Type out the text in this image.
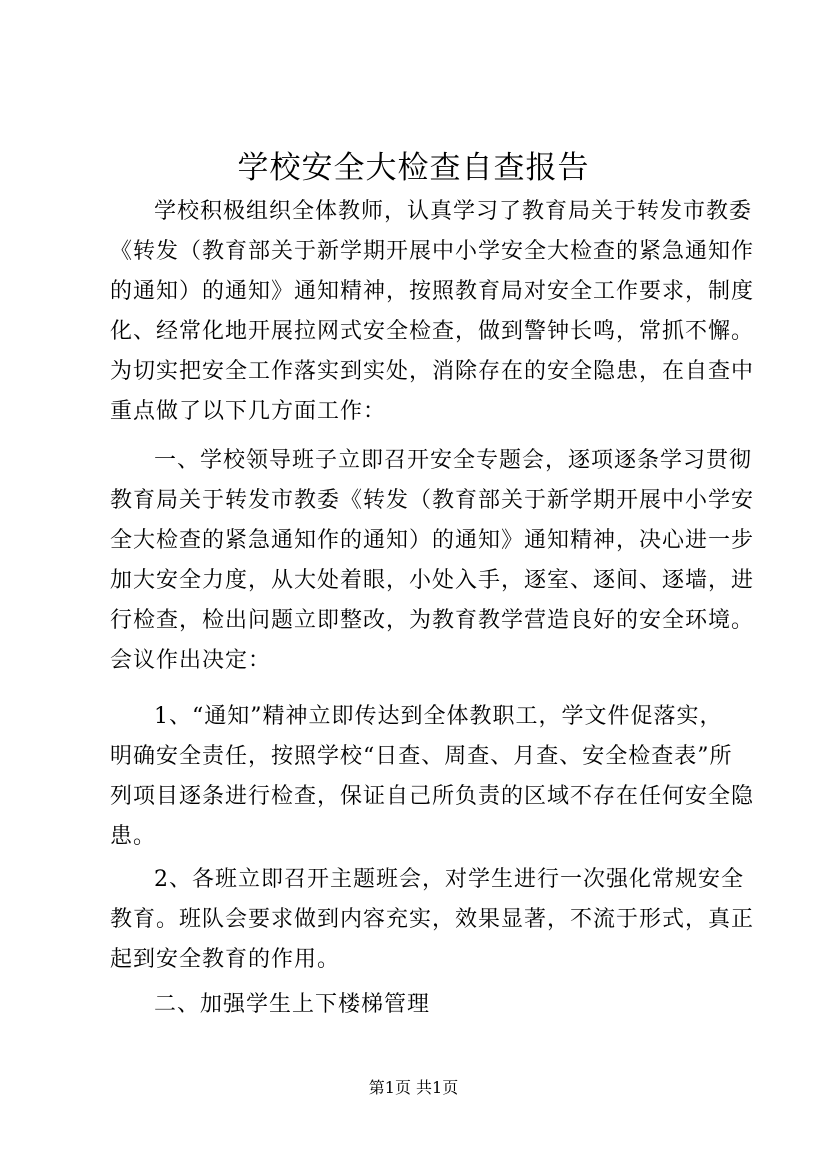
学校安全大检查自查报告
学校积极组织全体教师，认真学习了教育局关于转发市教委
《转发（教育部关于新学期开展中小学安全大检查的紧急通知作
的通知）的通知》通知精神，按照教育局对安全工作要求，制度
化、经常化地开展拉网式安全检查，做到警钟长鸣，常抓不懈。
为切实把安全工作落实到实处，消除存在的安全隐患，在自查中
重点做了以下几方面工作：
一、学校领导班子立即召开安全专题会，逐项逐条学习贯彻
教育局关于转发市教委《转发（教育部关于新学期开展中小学安
全大检查的紧急通知作的通知）的通知》通知精神，决心进一步
加大安全力度，从大处着眼，小处入手，逐室、逐间、逐墙，进
行检查，检出问题立即整改，为教育教学营造良好的安全环境。
会议作出决定：
1、“通知”精神立即传达到全体教职工，学文件促落实，
明确安全责任，按照学校“日查、周查、月查、安全检查表”所
列项目逐条进行检查，保证自己所负责的区域不存在任何安全隐
患。
2、各班立即召开主题班会，对学生进行一次强化常规安全
教育。班队会要求做到内容充实，效果显著，不流于形式，真正
起到安全教育的作用。
二、加强学生上下楼梯管理
第1页 共1页
